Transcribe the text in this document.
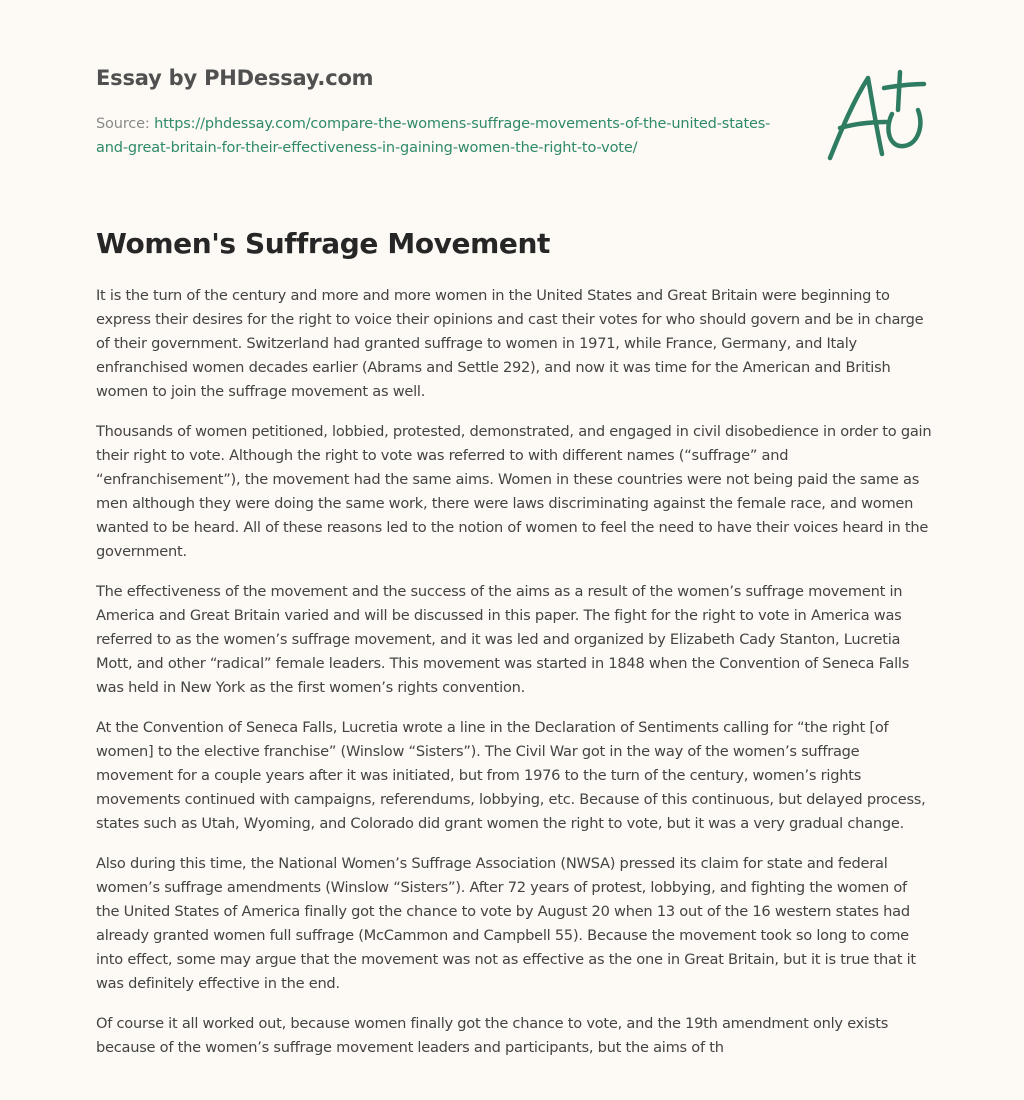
Essay by PHDessay.com
Source: https://phdessay.com/compare-the-womens-suffrage-movements-of-the-united-states-and-great-britain-for-their-effectiveness-in-gaining-women-the-right-to-vote/
Women's Suffrage Movement

It is the turn of the century and more and more women in the United States and Great Britain were beginning to express their desires for the right to voice their opinions and cast their votes for who should govern and be in charge of their government. Switzerland had granted suffrage to women in 1971, while France, Germany, and Italy enfranchised women decades earlier (Abrams and Settle 292), and now it was time for the American and British women to join the suffrage movement as well.

Thousands of women petitioned, lobbied, protested, demonstrated, and engaged in civil disobedience in order to gain their right to vote. Although the right to vote was referred to with different names (“suffrage” and “enfranchisement”), the movement had the same aims. Women in these countries were not being paid the same as men although they were doing the same work, there were laws discriminating against the female race, and women wanted to be heard. All of these reasons led to the notion of women to feel the need to have their voices heard in the government.

The effectiveness of the movement and the success of the aims as a result of the women’s suffrage movement in America and Great Britain varied and will be discussed in this paper. The fight for the right to vote in America was referred to as the women’s suffrage movement, and it was led and organized by Elizabeth Cady Stanton, Lucretia Mott, and other “radical” female leaders. This movement was started in 1848 when the Convention of Seneca Falls was held in New York as the first women’s rights convention.

At the Convention of Seneca Falls, Lucretia wrote a line in the Declaration of Sentiments calling for “the right [of women] to the elective franchise” (Winslow “Sisters”). The Civil War got in the way of the women’s suffrage movement for a couple years after it was initiated, but from 1976 to the turn of the century, women’s rights movements continued with campaigns, referendums, lobbying, etc. Because of this continuous, but delayed process, states such as Utah, Wyoming, and Colorado did grant women the right to vote, but it was a very gradual change.

Also during this time, the National Women’s Suffrage Association (NWSA) pressed its claim for state and federal women’s suffrage amendments (Winslow “Sisters”). After 72 years of protest, lobbying, and fighting the women of the United States of America finally got the chance to vote by August 20 when 13 out of the 16 western states had already granted women full suffrage (McCammon and Campbell 55). Because the movement took so long to come into effect, some may argue that the movement was not as effective as the one in Great Britain, but it is true that it was definitely effective in the end.

Of course it all worked out, because women finally got the chance to vote, and the 19th amendment only exists because of the women’s suffrage movement leaders and participants, but the aims of th
